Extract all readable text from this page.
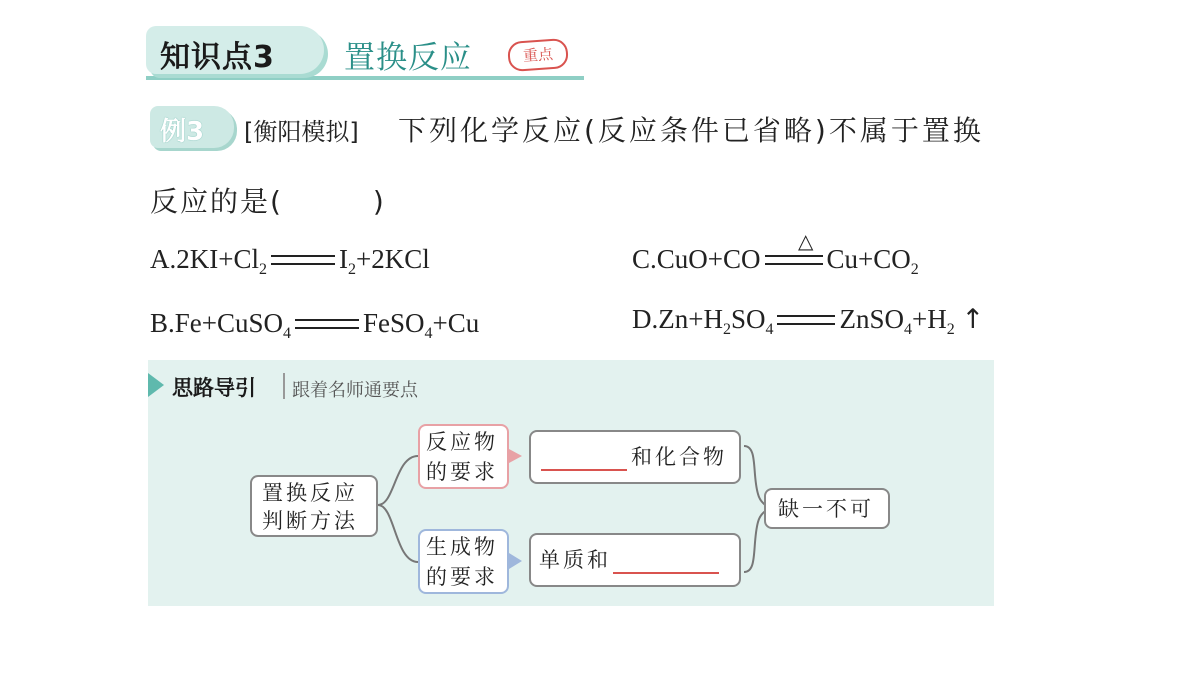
知识点3 置换反应	重点
例3 [衡阳模拟] 下列化学反应(反应条件已省略)不属于置换
反应的是(　　　)
$A.2KI+Cl_2$	$I_2+2KCl$
B.Fe+CuSO$_4$	FeSO$_4$+Cu
△
C.CuO+CO $Cu+CO_2$
$D.Zn+H_2SO_4$ $ZnSO_4+H_2$ ↑
思路导引 跟着名师通要点
置换反应
判断方法
反应物
的要求
生成物
的要求
和化合物
单质和
缺一不可
